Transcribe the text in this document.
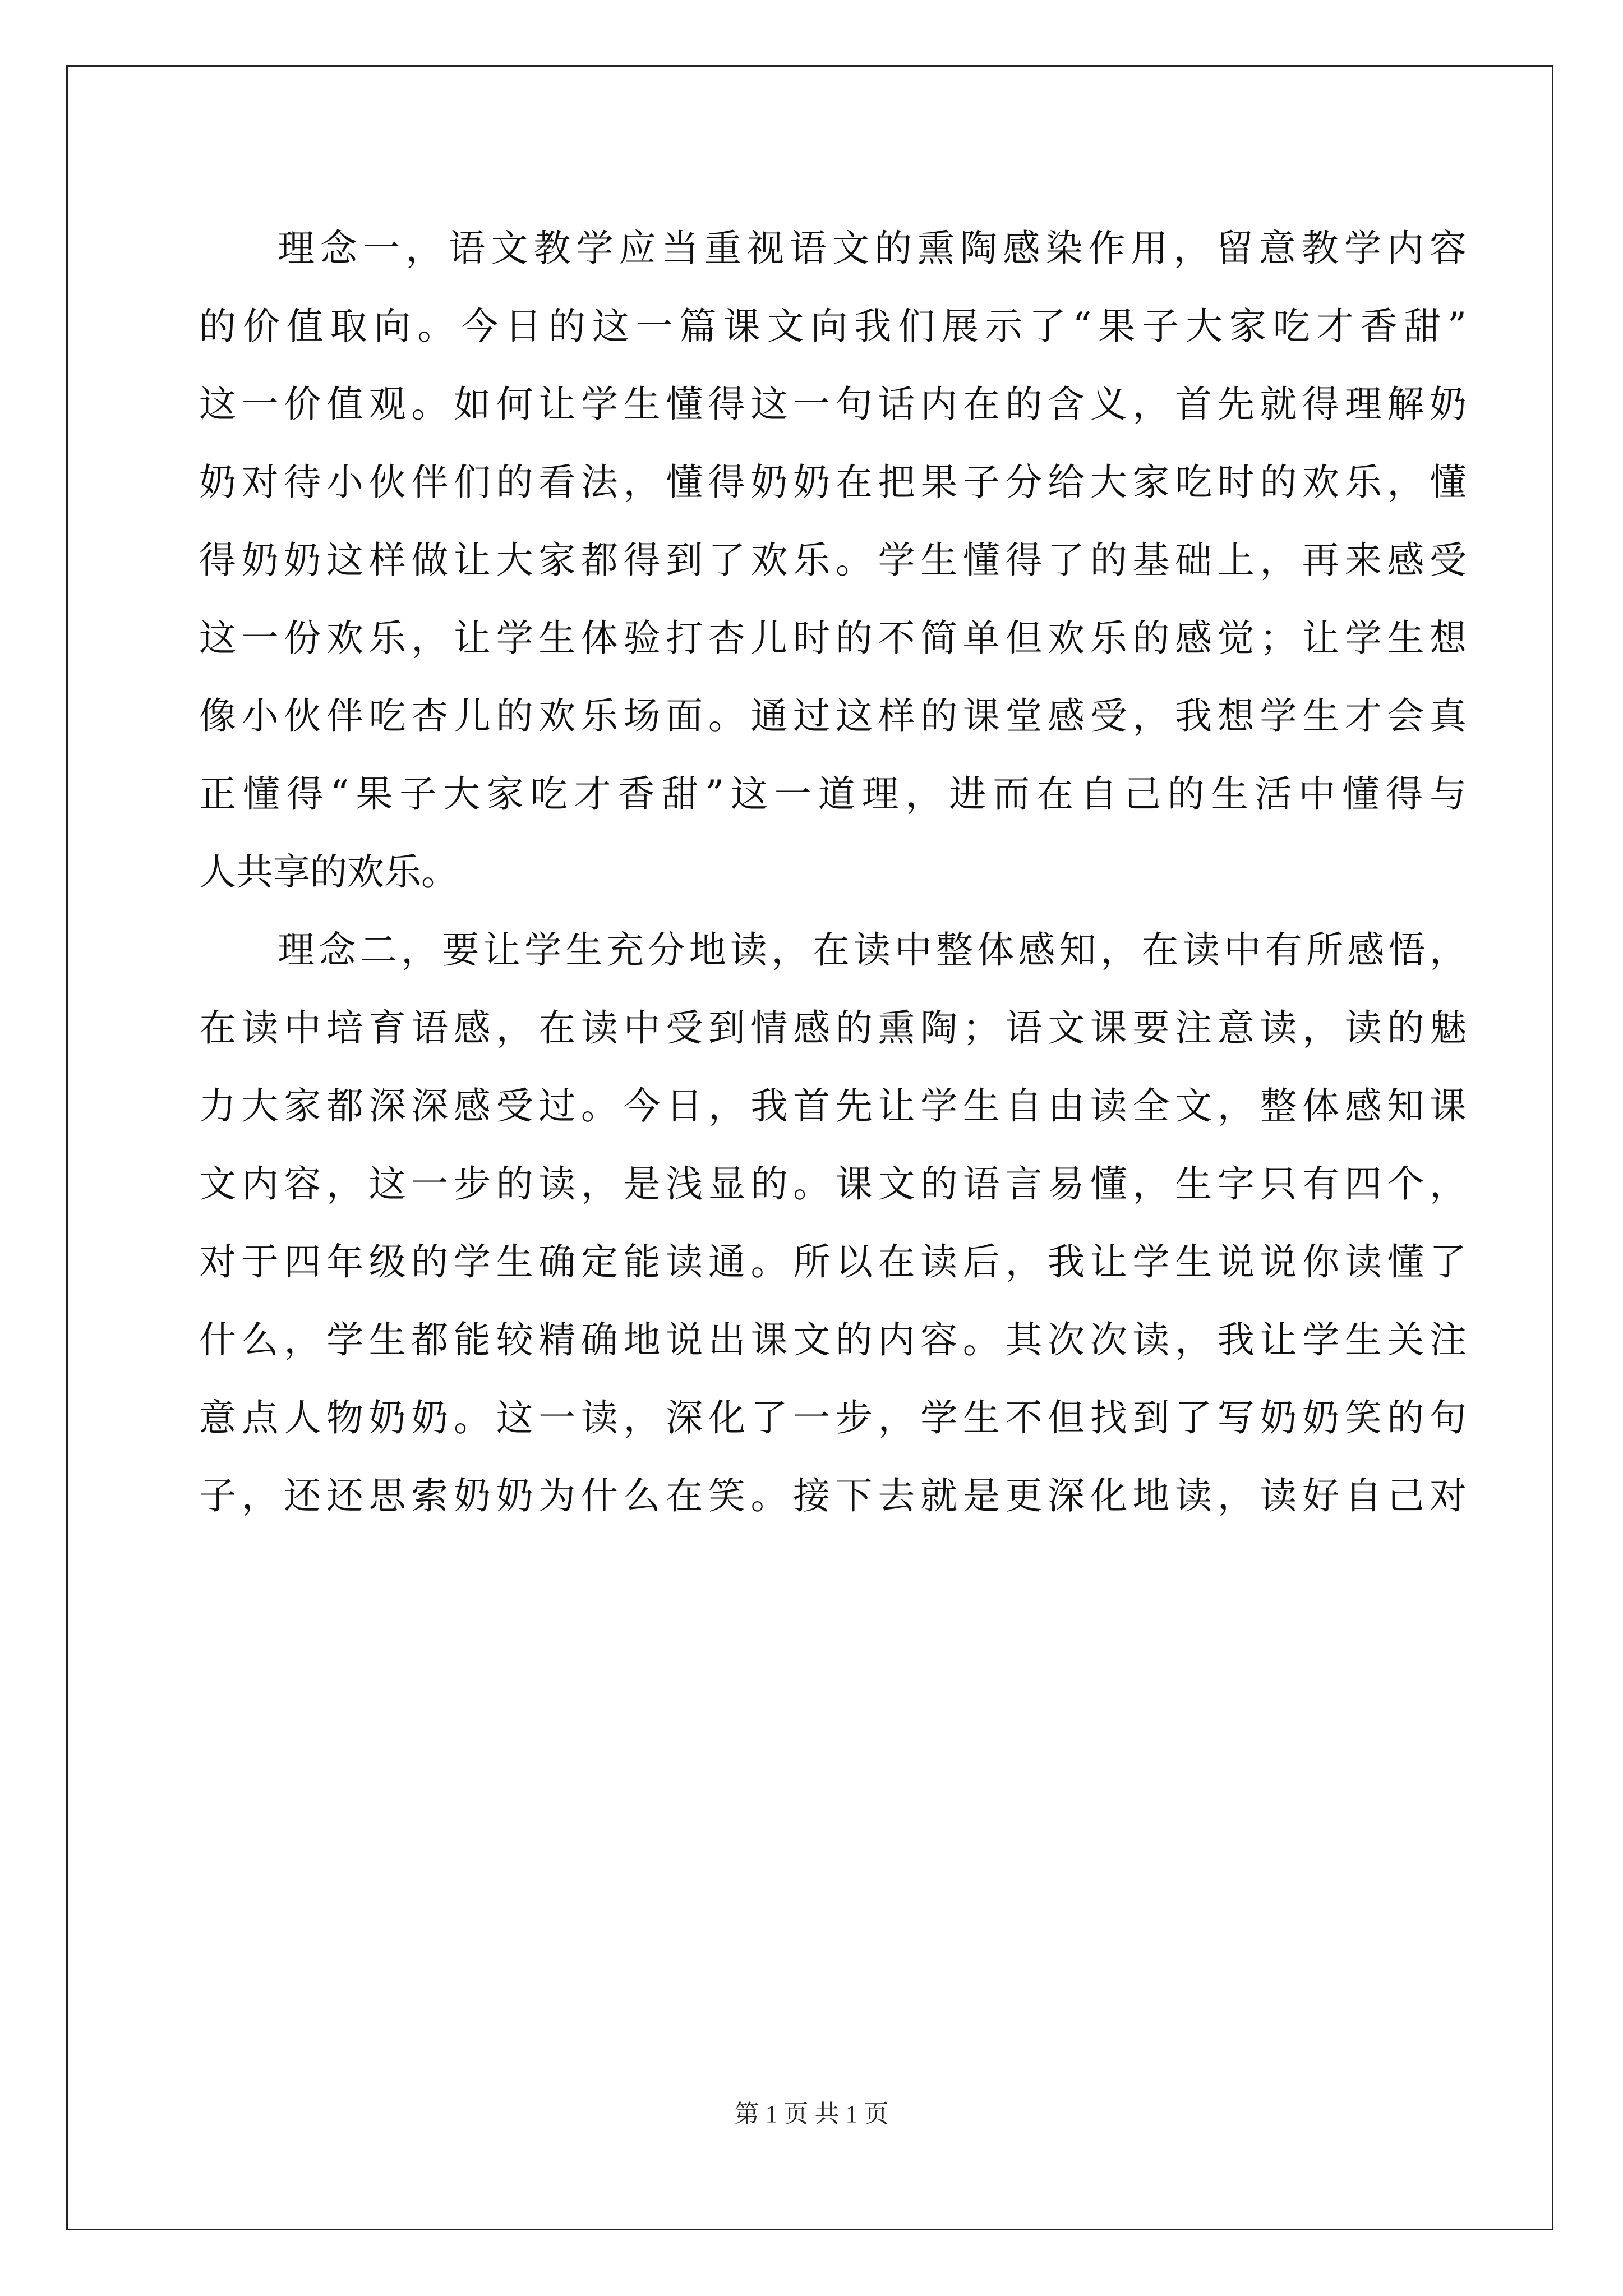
理念一，语文教学应当重视语文的熏陶感染作用，留意教学内容
的价值取向。今日的这一篇课文向我们展示了“果子大家吃才香甜”
这一价值观。如何让学生懂得这一句话内在的含义，首先就得理解奶
奶对待小伙伴们的看法，懂得奶奶在把果子分给大家吃时的欢乐，懂
得奶奶这样做让大家都得到了欢乐。学生懂得了的基础上，再来感受
这一份欢乐，让学生体验打杏儿时的不简单但欢乐的感觉；让学生想
像小伙伴吃杏儿的欢乐场面。通过这样的课堂感受，我想学生才会真
正懂得“果子大家吃才香甜”这一道理，进而在自己的生活中懂得与
人共享的欢乐。
理念二，要让学生充分地读，在读中整体感知，在读中有所感悟，
在读中培育语感，在读中受到情感的熏陶；语文课要注意读，读的魅
力大家都深深感受过。今日，我首先让学生自由读全文，整体感知课
文内容，这一步的读，是浅显的。课文的语言易懂，生字只有四个，
对于四年级的学生确定能读通。所以在读后，我让学生说说你读懂了
什么，学生都能较精确地说出课文的内容。其次次读，我让学生关注
意点人物奶奶。这一读，深化了一步，学生不但找到了写奶奶笑的句
子，还还思索奶奶为什么在笑。接下去就是更深化地读，读好自己对
第 1 页 共 1 页
